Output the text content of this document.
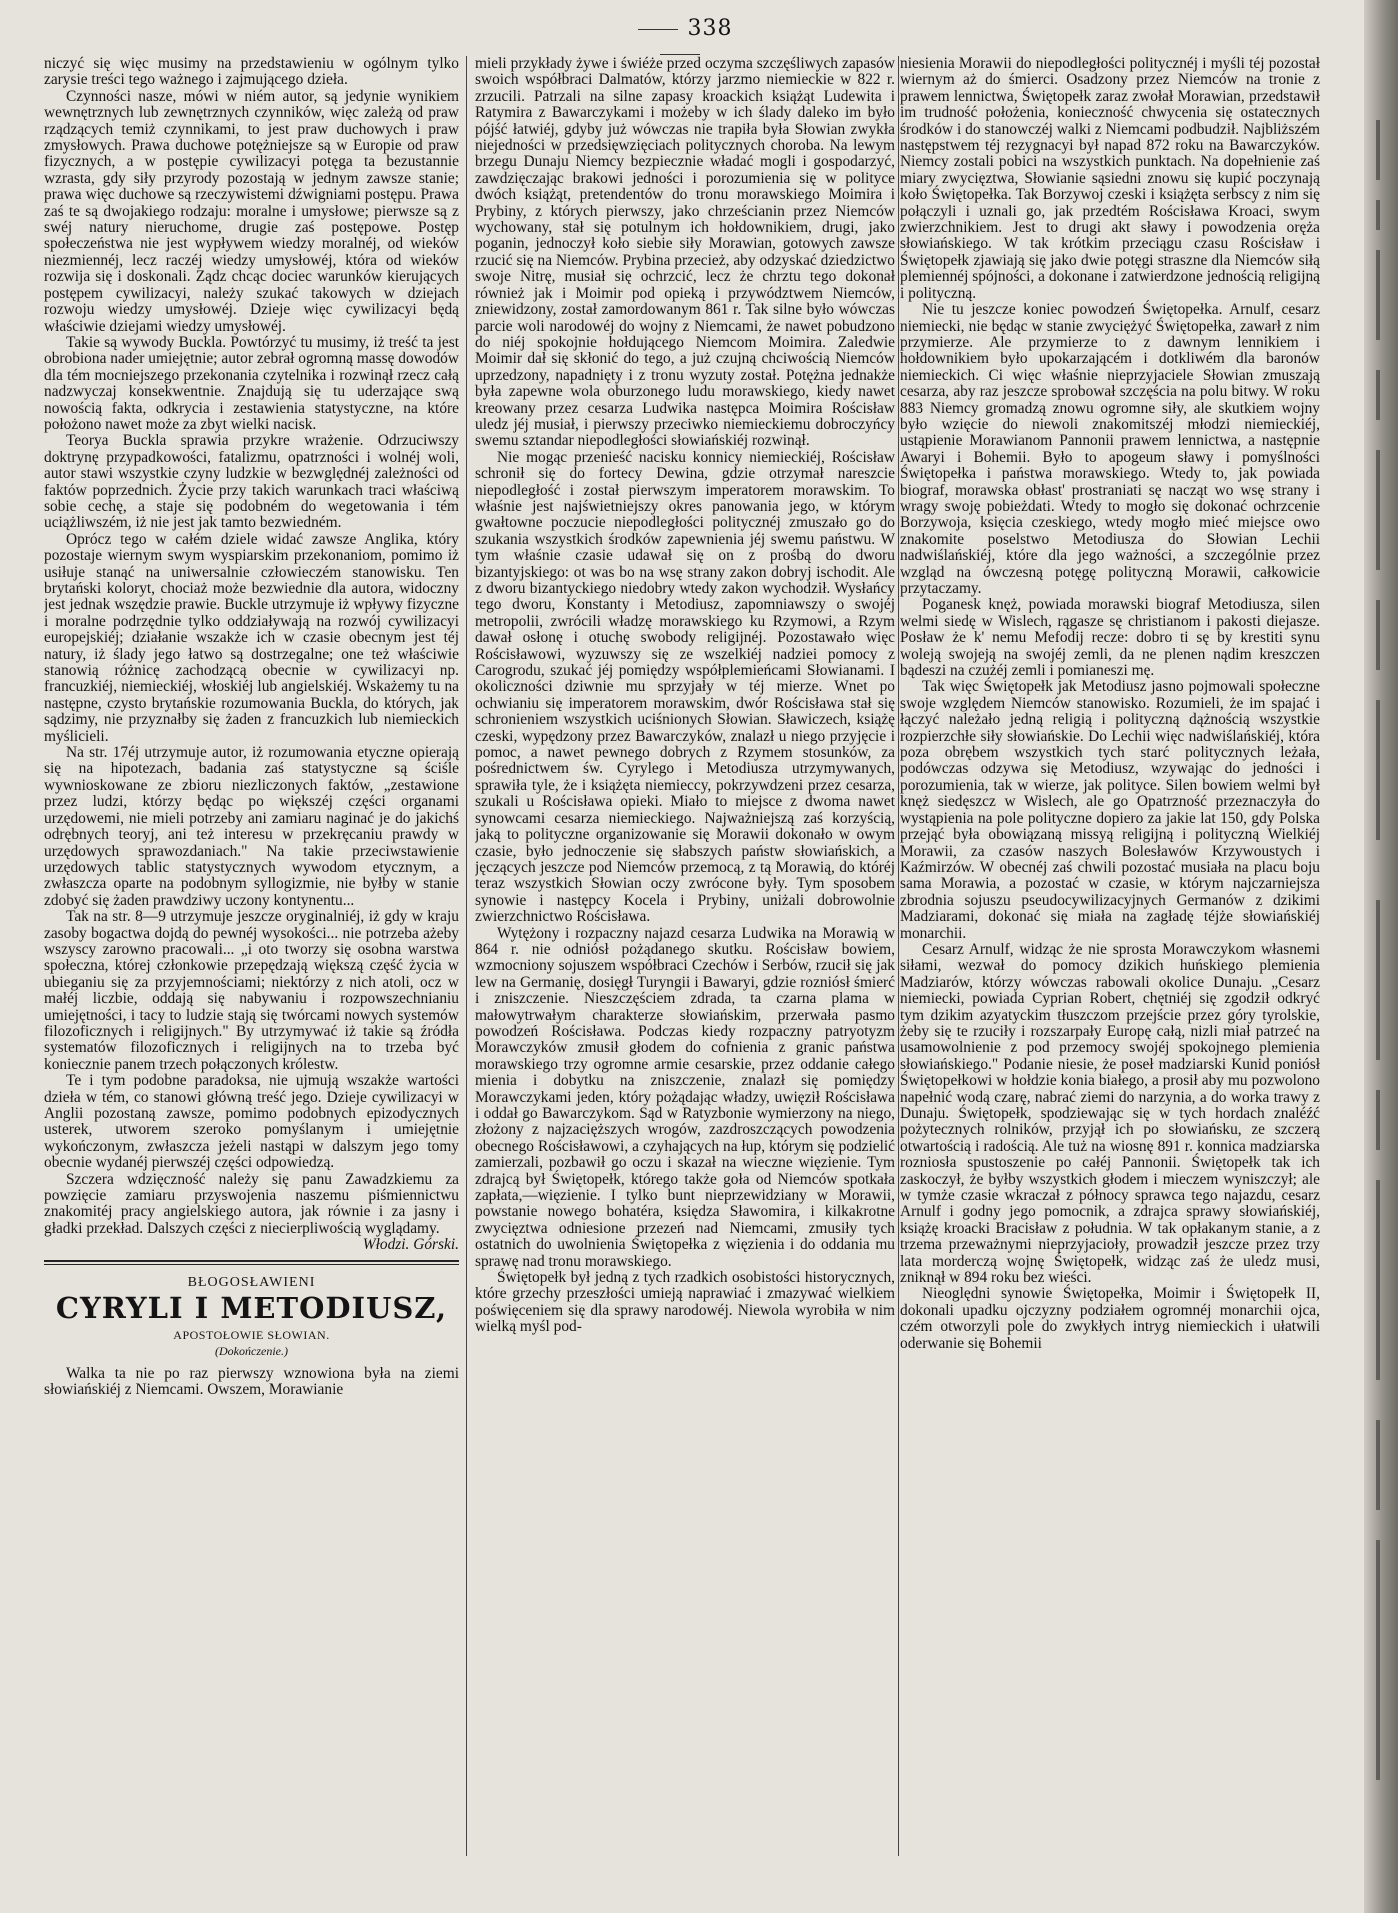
338

niczyć się więc musimy na przedstawieniu w ogólnym tylko zarysie treści tego ważnego i zajmującego dzieła.

Czynności nasze, mówi w niém autor, są jedynie wynikiem wewnętrznych lub zewnętrznych czynników, więc zależą od praw rządzących temiż czynnikami, to jest praw duchowych i praw zmysłowych. Prawa duchowe potężniejsze są w Europie od praw fizycznych, a w postępie cywilizacyi potęga ta bezustannie wzrasta, gdy siły przyrody pozostają w jednym zawsze stanie; prawa więc duchowe są rzeczywistemi dźwigniami postępu. Prawa zaś te są dwojakiego rodzaju: moralne i umysłowe; pierwsze są z swéj natury nieruchome, drugie zaś postępowe. Postęp społeczeństwa nie jest wypływem wiedzy moralnéj, od wieków niezmiennéj, lecz raczéj wiedzy umysłowéj, która od wieków rozwija się i doskonali. Ządz chcąc dociec warunków kierujących postępem cywilizacyi, należy szukać takowych w dziejach rozwoju wiedzy umysłowéj. Dzieje więc cywilizacyi będą właściwie dziejami wiedzy umysłowéj.

Takie są wywody Buckla. Powtórzyć tu musimy, iż treść ta jest obrobiona nader umiejętnie; autor zebrał ogromną massę dowodów dla tém mocniejszego przekonania czytelnika i rozwinął rzecz całą nadzwyczaj konsekwentnie. Znajdują się tu uderzające swą nowością fakta, odkrycia i zestawienia statystyczne, na które położono nawet może za zbyt wielki nacisk.

Teorya Buckla sprawia przykre wrażenie. Odrzuciwszy doktrynę przypadkowości, fatalizmu, opatrzności i wolnéj woli, autor stawi wszystkie czyny ludzkie w bezwględnéj zależności od faktów poprzednich. Życie przy takich warunkach traci właściwą sobie cechę, a staje się podobném do wegetowania i tém uciążliwszém, iż nie jest jak tamto bezwiedném.

Oprócz tego w całém dziele widać zawsze Anglika, który pozostaje wiernym swym wyspiarskim przekonaniom, pomimo iż usiłuje stanąć na uniwersalnie człowieczém stanowisku. Ten brytański koloryt, chociaż może bezwiednie dla autora, widoczny jest jednak wszędzie prawie. Buckle utrzymuje iż wpływy fizyczne i moralne podrzędnie tylko oddziaływają na rozwój cywilizacyi europejskiéj; działanie wszakże ich w czasie obecnym jest téj natury, iż ślady jego łatwo są dostrzegalne; one też właściwie stanowią różnicę zachodzącą obecnie w cywilizacyi np. francuzkiéj, niemieckiéj, włoskiéj lub angielskiéj. Wskażemy tu na następne, czysto brytańskie rozumowania Buckla, do których, jak sądzimy, nie przyznałby się żaden z francuzkich lub niemieckich myślicieli.

Na str. 17éj utrzymuje autor, iż rozumowania etyczne opierają się na hipotezach, badania zaś statystyczne są ściśle wywnioskowane ze zbioru niezliczonych faktów, „zestawione przez ludzi, którzy będąc po większéj części organami urzędowemi, nie mieli potrzeby ani zamiaru naginać je do jakichś odrębnych teoryj, ani też interesu w przekręcaniu prawdy w urzędowych sprawozdaniach." Na takie przeciwstawienie urzędowych tablic statystycznych wywodom etycznym, a zwłaszcza oparte na podobnym syllogizmie, nie byłby w stanie zdobyć się żaden prawdziwy uczony kontynentu...

Tak na str. 8—9 utrzymuje jeszcze oryginalniéj, iż gdy w kraju zasoby bogactwa dojdą do pewnéj wysokości... nie potrzeba ażeby wszyscy zarowno pracowali... „i oto tworzy się osobna warstwa społeczna, której członkowie przepędzają większą część życia w ubieganiu się za przyjemnościami; niektórzy z nich atoli, ocz w małéj liczbie, oddają się nabywaniu i rozpowszechnianiu umiejętności, i tacy to ludzie stają się twórcami nowych systemów filozoficznych i religijnych." By utrzymywać iż takie są źródła systematów filozoficznych i religijnych na to trzeba być koniecznie panem trzech połączonych królestw.

Te i tym podobne paradoksa, nie ujmują wszakże wartości dzieła w tém, co stanowi główną treść jego. Dzieje cywilizacyi w Anglii pozostaną zawsze, pomimo podobnych epizodycznych usterek, utworem szeroko pomyślanym i umiejętnie wykończonym, zwłaszcza jeżeli nastąpi w dalszym jego tomy obecnie wydanéj pierwszéj części odpowiedzą.

Szczera wdzięczność należy się panu Zawadzkiemu za powzięcie zamiaru przyswojenia naszemu piśmiennictwu znakomitéj pracy angielskiego autora, jak równie i za jasny i gładki przekład. Dalszych części z niecierpliwością wyglądamy.

Włodzi. Górski.
BŁOGOSŁAWIENI
CYRYLI I METODIUSZ,
APOSTOŁOWIE SŁOWIAN.
(Dokończenie.)

Walka ta nie po raz pierwszy wznowiona była na ziemi słowiańskiéj z Niemcami. Owszem, Morawianie

mieli przykłady żywe i świéże przed oczyma szczęśliwych zapasów swoich współbraci Dalmatów, którzy jarzmo niemieckie w 822 r. zrzucili. Patrzali na silne zapasy kroackich książąt Ludewita i Ratymira z Bawarczykami i możeby w ich ślady daleko im było pójść łatwiéj, gdyby już wówczas nie trapiła była Słowian zwykła niejedności w przedsięwzięciach politycznych choroba. Na lewym brzegu Dunaju Niemcy bezpiecznie władać mogli i gospodarzyć, zawdzięczając brakowi jedności i porozumienia się w polityce dwóch książąt, pretendentów do tronu morawskiego Moimira i Prybiny, z których pierwszy, jako chrześcianin przez Niemców wychowany, stał się potulnym ich hołdownikiem, drugi, jako poganin, jednoczył koło siebie siły Morawian, gotowych zawsze rzucić się na Niemców. Prybina przecież, aby odzyskać dziedzictwo swoje Nitrę, musiał się ochrzcić, lecz że chrztu tego dokonał również jak i Moimir pod opieką i przywództwem Niemców, zniewidzony, został zamordowanym 861 r. Tak silne było wówczas parcie woli narodowéj do wojny z Niemcami, że nawet pobudzono do niéj spokojnie hołdującego Niemcom Moimira. Zaledwie Moimir dał się skłonić do tego, a już czujną chciwością Niemców uprzedzony, napadnięty i z tronu wyzuty został. Potężna jednakże była zapewne wola oburzonego ludu morawskiego, kiedy nawet kreowany przez cesarza Ludwika następca Moimira Rościsław uledz jéj musiał, i pierwszy przeciwko niemieckiemu dobroczyńcy swemu sztandar niepodległości słowiańskiéj rozwinął.

Nie mogąc przenieść nacisku konnicy niemieckiéj, Rościsław schronił się do fortecy Dewina, gdzie otrzymał nareszcie niepodległość i został pierwszym imperatorem morawskim. To właśnie jest najświetniejszy okres panowania jego, w którym gwałtowne poczucie niepodległości politycznéj zmuszało go do szukania wszystkich środków zapewnienia jéj swemu państwu. W tym właśnie czasie udawał się on z prośbą do dworu bizantyjskiego: ot was bo na wsę strany zakon dobryj ischodit. Ale z dworu bizantyckiego niedobry wtedy zakon wychodził. Wysłańcy tego dworu, Konstanty i Metodiusz, zapomniawszy o swojéj metropolii, zwrócili władzę morawskiego ku Rzymowi, a Rzym dawał osłonę i otuchę swobody religijnéj. Pozostawało więc Rościsławowi, wyzuwszy się ze wszelkiéj nadziei pomocy z Carogrodu, szukać jéj pomiędzy współplemieńcami Słowianami. I okoliczności dziwnie mu sprzyjały w téj mierze. Wnet po ochwianiu się imperatorem morawskim, dwór Rościsława stał się schronieniem wszystkich uciśnionych Słowian. Sławiczech, książę czeski, wypędzony przez Bawarczyków, znalazł u niego przyjęcie i pomoc, a nawet pewnego dobrych z Rzymem stosunków, za pośrednictwem św. Cyrylego i Metodiusza utrzymywanych, sprawiła tyle, że i książęta niemieccy, pokrzywdzeni przez cesarza, szukali u Rościsława opieki. Miało to miejsce z dwoma nawet synowcami cesarza niemieckiego. Najważniejszą zaś korzyścią, jaką to polityczne organizowanie się Morawii dokonało w owym czasie, było jednoczenie się słabszych państw słowiańskich, a jęczących jeszcze pod Niemców przemocą, z tą Morawią, do któréj teraz wszystkich Słowian oczy zwrócone były. Tym sposobem synowie i następcy Kocela i Prybiny, uniżali dobrowolnie zwierzchnictwo Rościsława.

Wytężony i rozpaczny najazd cesarza Ludwika na Morawią w 864 r. nie odniósł pożądanego skutku. Rościsław bowiem, wzmocniony sojuszem współbraci Czechów i Serbów, rzucił się jak lew na Germanię, dosięgł Turyngii i Bawaryi, gdzie rozniósł śmierć i zniszczenie. Nieszczęściem zdrada, ta czarna plama w małowytrwałym charakterze słowiańskim, przerwała pasmo powodzeń Rościsława. Podczas kiedy rozpaczny patryotyzm Morawczyków zmusił głodem do cofnienia z granic państwa morawskiego trzy ogromne armie cesarskie, przez oddanie całego mienia i dobytku na zniszczenie, znalazł się pomiędzy Morawczykami jeden, który pożądając władzy, uwięził Rościsława i oddał go Bawarczykom. Sąd w Ratyzbonie wymierzony na niego, złożony z najzacięższych wrogów, zazdroszczących powodzenia obecnego Rościsławowi, a czyhających na łup, którym się podzielić zamierzali, pozbawił go oczu i skazał na wieczne więzienie. Tym zdrajcą był Świętopełk, którego także goła od Niemców spotkała zapłata,—więzienie. I tylko bunt nieprzewidziany w Morawii, powstanie nowego bohatéra, księdza Sławomira, i kilkakrotne zwycięztwa odniesione przezeń nad Niemcami, zmusiły tych ostatnich do uwolnienia Świętopełka z więzienia i do oddania mu sprawę nad tronu morawskiego.

Świętopełk był jedną z tych rzadkich osobistości historycznych, które grzechy przeszłości umieją naprawiać i zmazywać wielkiem poświęceniem się dla sprawy narodowéj. Niewola wyrobiła w nim wielką myśl pod-

niesienia Morawii do niepodległości politycznéj i myśli téj pozostał wiernym aż do śmierci. Osadzony przez Niemców na tronie z prawem lennictwa, Świętopełk zaraz zwołał Morawian, przedstawił im trudność położenia, konieczność chwycenia się ostatecznych środków i do stanowczéj walki z Niemcami podbudził. Najbliższém następstwem téj rezygnacyi był napad 872 roku na Bawarczyków. Niemcy zostali pobici na wszystkich punktach. Na dopełnienie zaś miary zwycięztwa, Słowianie sąsiedni znowu się kupić poczynają koło Świętopełka. Tak Borzywoj czeski i książęta serbscy z nim się połączyli i uznali go, jak przedtém Rościsława Kroaci, swym zwierzchnikiem. Jest to drugi akt sławy i powodzenia oręża słowiańskiego. W tak krótkim przeciągu czasu Rościsław i Świętopełk zjawiają się jako dwie potęgi straszne dla Niemców siłą plemiennéj spójności, a dokonane i zatwierdzone jednością religijną i polityczną.

Nie tu jeszcze koniec powodzeń Świętopełka. Arnulf, cesarz niemiecki, nie będąc w stanie zwyciężyć Świętopełka, zawarł z nim przymierze. Ale przymierze to z dawnym lennikiem i hołdownikiem było upokarzającém i dotkliwém dla baronów niemieckich. Ci więc właśnie nieprzyjaciele Słowian zmuszają cesarza, aby raz jeszcze sprobował szczęścia na polu bitwy. W roku 883 Niemcy gromadzą znowu ogromne siły, ale skutkiem wojny było wzięcie do niewoli znakomitszéj młodzi niemieckiéj, ustąpienie Morawianom Pannonii prawem lennictwa, a następnie Awaryi i Bohemii. Było to apogeum sławy i pomyślności Świętopełka i państwa morawskiego. Wtedy to, jak powiada biograf, morawska obłast' prostraniati sę nacząt wo wsę strany i wragy swoję pobieżdati. Wtedy to mogło się dokonać ochrzcenie Borzywoja, księcia czeskiego, wtedy mogło mieć miejsce owo znakomite poselstwo Metodiusza do Słowian Lechii nadwiślańskiéj, które dla jego ważności, a szczególnie przez wzgląd na ówczesną potęgę polityczną Morawii, całkowicie przytaczamy.

Poganesk knęż, powiada morawski biograf Metodiusza, silen welmi siedę w Wislech, rągasze sę christianom i pakosti diejasze. Posław że k' nemu Mefodij recze: dobro ti sę by krestiti synu woleją swojeją na swojéj zemli, da ne plenen nądim kreszczen bądeszi na czużéj zemli i pomianeszi mę.

Tak więc Świętopełk jak Metodiusz jasno pojmowali społeczne swoje względem Niemców stanowisko. Rozumieli, że im spajać i łączyć należało jedną religią i polityczną dążnością wszystkie rozpierzchłe siły słowiańskie. Do Lechii więc nadwiślańskiéj, która poza obrębem wszystkich tych starć politycznych leżała, podówczas odzywa się Metodiusz, wzywając do jedności i porozumienia, tak w wierze, jak polityce. Silen bowiem welmi był knęż siedęszcz w Wislech, ale go Opatrzność przeznaczyła do wystąpienia na pole polityczne dopiero za jakie lat 150, gdy Polska przejąć była obowiązaną missyą religijną i polityczną Wielkiéj Morawii, za czasów naszych Bolesławów Krzywoustych i Kaźmirzów. W obecnéj zaś chwili pozostać musiała na placu boju sama Morawia, a pozostać w czasie, w którym najczarniejsza zbrodnia sojuszu pseudocywilizacyjnych Germanów z dzikimi Madziarami, dokonać się miała na zagładę téjże słowiańskiéj monarchii.

Cesarz Arnulf, widząc że nie sprosta Morawczykom własnemi siłami, wezwał do pomocy dzikich huńskiego plemienia Madziarów, którzy wówczas rabowali okolice Dunaju. „Cesarz niemiecki, powiada Cyprian Robert, chętniéj się zgodził odkryć tym dzikim azyatyckim tłuszczom przejście przez góry tyrolskie, żeby się te rzuciły i rozszarpały Europę całą, nizli miał patrzeć na usamowolnienie z pod przemocy swojéj spokojnego plemienia słowiańskiego." Podanie niesie, że poseł madziarski Kunid poniósł Świętopełkowi w hołdzie konia białego, a prosił aby mu pozwolono napełnić wodą czarę, nabrać ziemi do narzynia, a do worka trawy z Dunaju. Świętopełk, spodziewając się w tych hordach znaléźć pożytecznych rolników, przyjął ich po słowiańsku, ze szczerą otwartością i radością. Ale tuż na wiosnę 891 r. konnica madziarska rozniosła spustoszenie po całéj Pannonii. Świętopełk tak ich zaskoczył, że byłby wszystkich głodem i mieczem wyniszczył; ale w tymże czasie wkraczał z północy sprawca tego najazdu, cesarz Arnulf i godny jego pomocnik, a zdrajca sprawy słowiańskiéj, książę kroacki Bracisław z południa. W tak opłakanym stanie, a z trzema przeważnymi nieprzyjacioły, prowadził jeszcze przez trzy lata morderczą wojnę Świętopełk, widząc zaś że uledz musi, zniknął w 894 roku bez wieści.

Nieoględni synowie Świętopełka, Moimir i Świętopełk II, dokonali upadku ojczyzny podziałem ogromnéj monarchii ojca, czém otworzyli pole do zwykłych intryg niemieckich i ułatwili oderwanie się Bohemii
